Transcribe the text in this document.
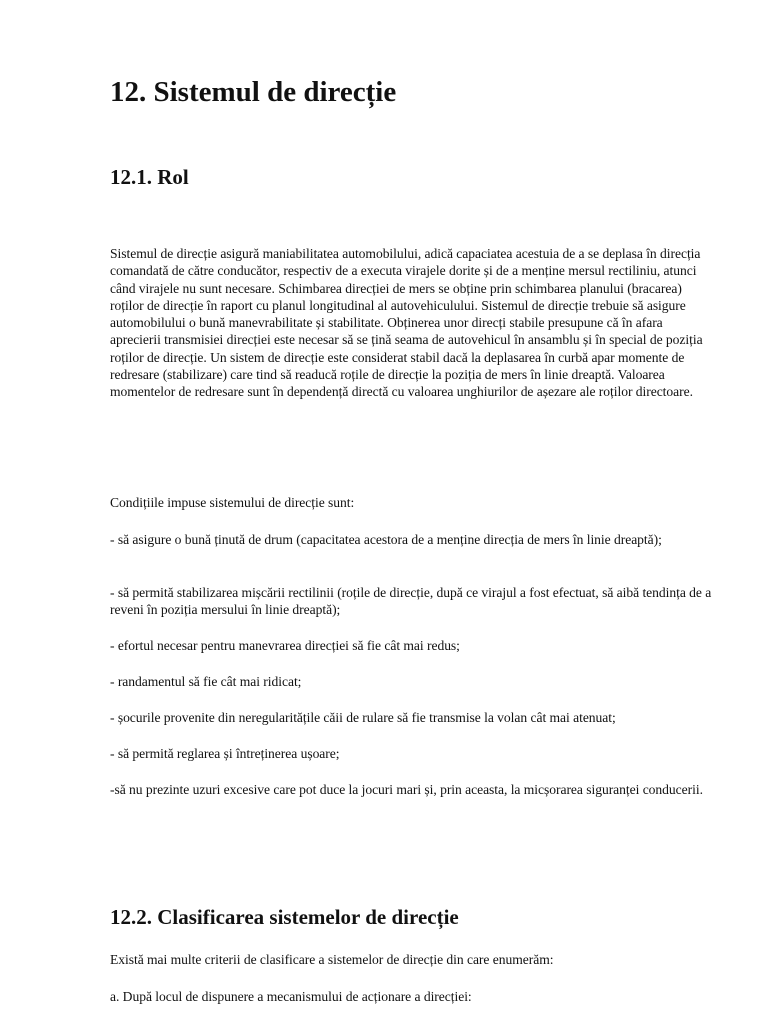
12. Sistemul de direcție
12.1. Rol

Sistemul de direcție asigură maniabilitatea automobilului, adică capaciatea acestuia de a se deplasa în direcția comandată de către conducător, respectiv de a executa virajele dorite și de a menține mersul rectiliniu, atunci când virajele nu sunt necesare. Schimbarea direcției de mers se obține prin schimbarea planului (bracarea) roților de direcție în raport cu planul longitudinal al autovehiculului. Sistemul de direcție trebuie să asigure automobilului o bună manevrabilitate și stabilitate. Obținerea unor direcți stabile presupune că în afara aprecierii transmisiei direcției este necesar să se țină seama de autovehicul în ansamblu și în special de poziția roților de direcție. Un sistem de direcție este considerat stabil dacă la deplasarea în curbă apar momente de redresare (stabilizare) care tind să readucă roțile de direcție la poziția de mers în linie dreaptă. Valoarea momentelor de redresare sunt în dependență directă cu valoarea unghiurilor de așezare ale roților directoare.

Condițiile impuse sistemului de direcție sunt:

- să asigure o bună ținută de drum (capacitatea acestora de a menține direcția de mers în linie dreaptă);

- să permită stabilizarea mișcării rectilinii (roțile de direcție, după ce virajul a fost efectuat, să aibă tendința de a reveni în poziția mersului în linie dreaptă);

- efortul necesar pentru manevrarea direcției să fie cât mai redus;

- randamentul să fie cât mai ridicat;

- șocurile provenite din neregularitățile căii de rulare să fie transmise la volan cât mai atenuat;

- să permită reglarea și întreținerea ușoare;

-să nu prezinte uzuri excesive care pot duce la jocuri mari și, prin aceasta, la micșorarea siguranței conducerii.

12.2. Clasificarea sistemelor de direcție

Există mai multe criterii de clasificare a sistemelor de direcție din care enumerăm:

a. După locul de dispunere a mecanismului de acționare a direcției:
